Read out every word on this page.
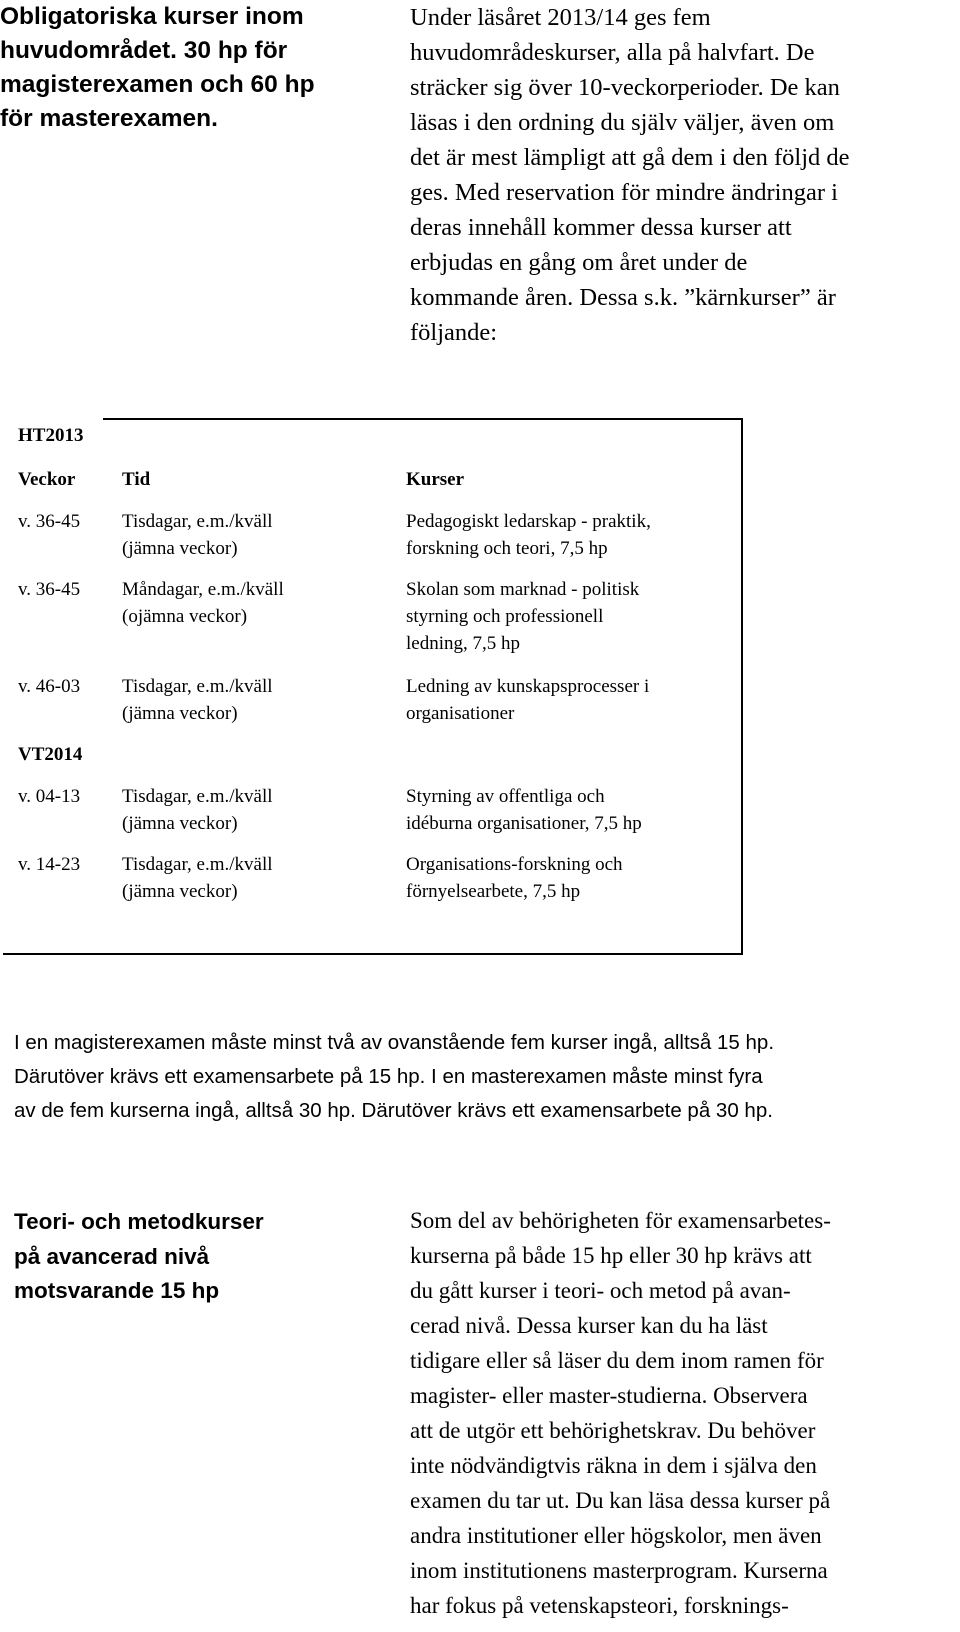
Obligatoriska kurser inom
huvudområdet. 30 hp för
magisterexamen och 60 hp
för masterexamen.
Under läsåret 2013/14 ges fem
huvudområdeskurser, alla på halvfart. De
sträcker sig över 10-veckorperioder. De kan
läsas i den ordning du själv väljer, även om
det är mest lämpligt att gå dem i den följd de
ges. Med reservation för mindre ändringar i
deras innehåll kommer dessa kurser att
erbjudas en gång om året under de
kommande åren. Dessa s.k. ”kärnkurser” är
följande:
HT2013
Veckor Tid	Kurser
v. 36-45 Tisdagar, e.m./kväll
(jämna veckor)
Pedagogiskt ledarskap - praktik,
forskning och teori, 7,5 hp
v. 36-45 Måndagar, e.m./kväll
(ojämna veckor)
Skolan som marknad - politisk
styrning och professionell
ledning, 7,5 hp
v. 46-03 Tisdagar, e.m./kväll
(jämna veckor)
Ledning av kunskapsprocesser i
organisationer
VT2014
v. 04-13 Tisdagar, e.m./kväll
(jämna veckor)
Styrning av offentliga och
idéburna organisationer, 7,5 hp
v. 14-23 Tisdagar, e.m./kväll
(jämna veckor)
Organisations-forskning och
förnyelsearbete, 7,5 hp
I en magisterexamen måste minst två av ovanstående fem kurser ingå, alltså 15 hp.
Därutöver krävs ett examensarbete på 15 hp. I en masterexamen måste minst fyra
av de fem kurserna ingå, alltså 30 hp. Därutöver krävs ett examensarbete på 30 hp.
Teori- och metodkurser
på avancerad nivå
motsvarande 15 hp
Som del av behörigheten för examensarbetes-
kurserna på både 15 hp eller 30 hp krävs att
du gått kurser i teori- och metod på avan-
cerad nivå. Dessa kurser kan du ha läst
tidigare eller så läser du dem inom ramen för
magister- eller master-studierna. Observera
att de utgör ett behörighetskrav. Du behöver
inte nödvändigtvis räkna in dem i själva den
examen du tar ut. Du kan läsa dessa kurser på
andra institutioner eller högskolor, men även
inom institutionens masterprogram. Kurserna
har fokus på vetenskapsteori, forsknings-
